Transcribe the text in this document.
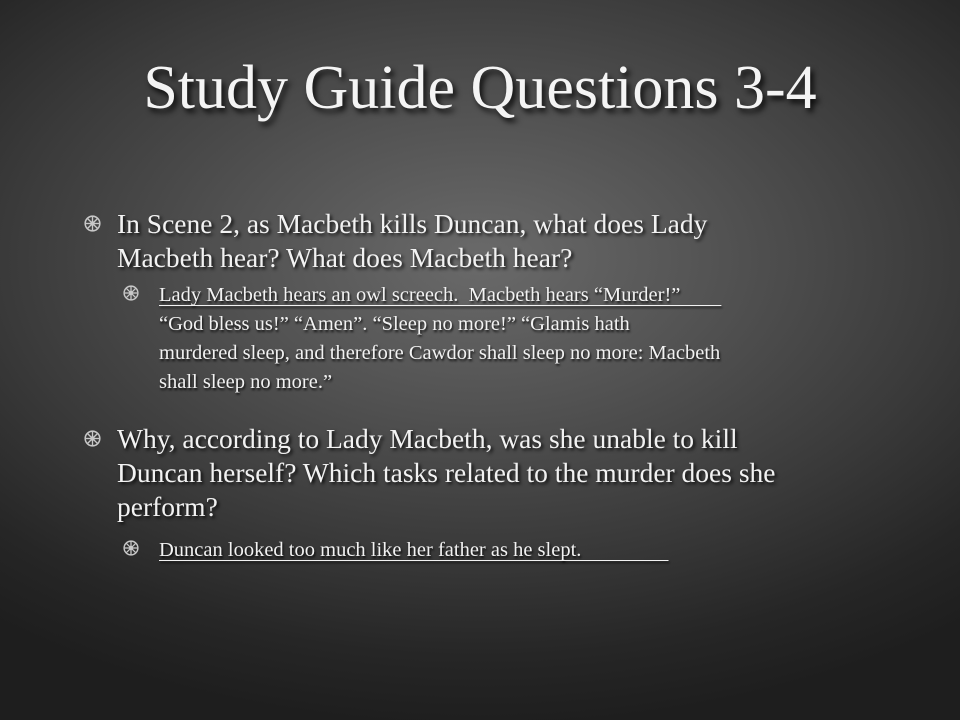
Study Guide Questions 3-4
In Scene 2, as Macbeth kills Duncan, what does Lady
Macbeth hear? What does Macbeth hear?
Lady Macbeth hears an owl screech.  Macbeth hears “Murder!”
“God bless us!” “Amen”. “Sleep no more!” “Glamis hath
murdered sleep, and therefore Cawdor shall sleep no more: Macbeth
shall sleep no more.”
Why, according to Lady Macbeth, was she unable to kill
Duncan herself? Which tasks related to the murder does she
perform?
Duncan looked too much like her father as he slept.
